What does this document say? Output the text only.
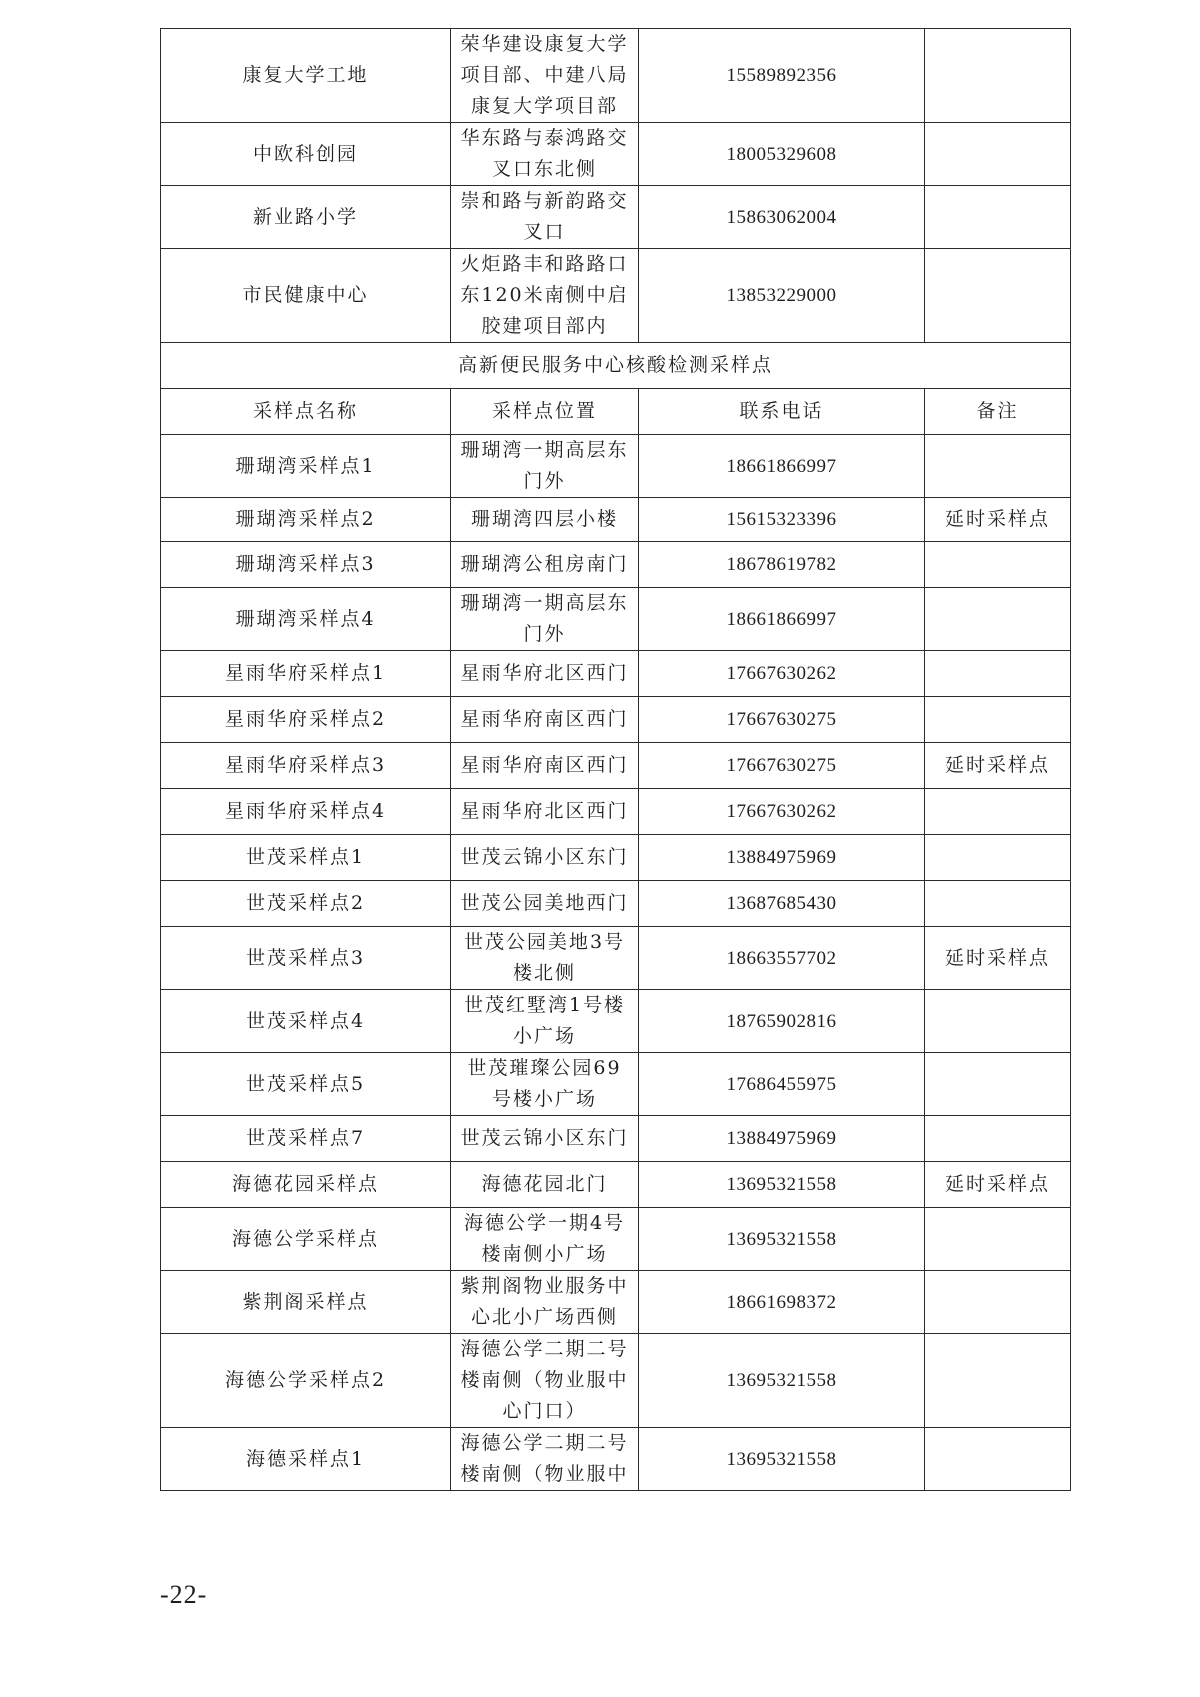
康复大学工地	荣华建设康复大学项目部、中建八局康复大学项目部	15589892356	
中欧科创园	华东路与泰鸿路交叉口东北侧	18005329608	
新业路小学	崇和路与新韵路交叉口	15863062004	
市民健康中心	火炬路丰和路路口东120米南侧中启胶建项目部内	13853229000	
高新便民服务中心核酸检测采样点			
采样点名称	采样点位置	联系电话	备注
珊瑚湾采样点1	珊瑚湾一期高层东门外	18661866997	
珊瑚湾采样点2	珊瑚湾四层小楼	15615323396	延时采样点
珊瑚湾采样点3	珊瑚湾公租房南门	18678619782	
珊瑚湾采样点4	珊瑚湾一期高层东门外	18661866997	
星雨华府采样点1	星雨华府北区西门	17667630262	
星雨华府采样点2	星雨华府南区西门	17667630275	
星雨华府采样点3	星雨华府南区西门	17667630275	延时采样点
星雨华府采样点4	星雨华府北区西门	17667630262	
世茂采样点1	世茂云锦小区东门	13884975969	
世茂采样点2	世茂公园美地西门	13687685430	
世茂采样点3	世茂公园美地3号楼北侧	18663557702	延时采样点
世茂采样点4	世茂红墅湾1号楼小广场	18765902816	
世茂采样点5	世茂璀璨公园69号楼小广场	17686455975	
世茂采样点7	世茂云锦小区东门	13884975969	
海德花园采样点	海德花园北门	13695321558	延时采样点
海德公学采样点	海德公学一期4号楼南侧小广场	13695321558	
紫荆阁采样点	紫荆阁物业服务中心北小广场西侧	18661698372	
海德公学采样点2	海德公学二期二号楼南侧（物业服中心门口）	13695321558	
海德采样点1	海德公学二期二号楼南侧（物业服中	13695321558	
-22-
